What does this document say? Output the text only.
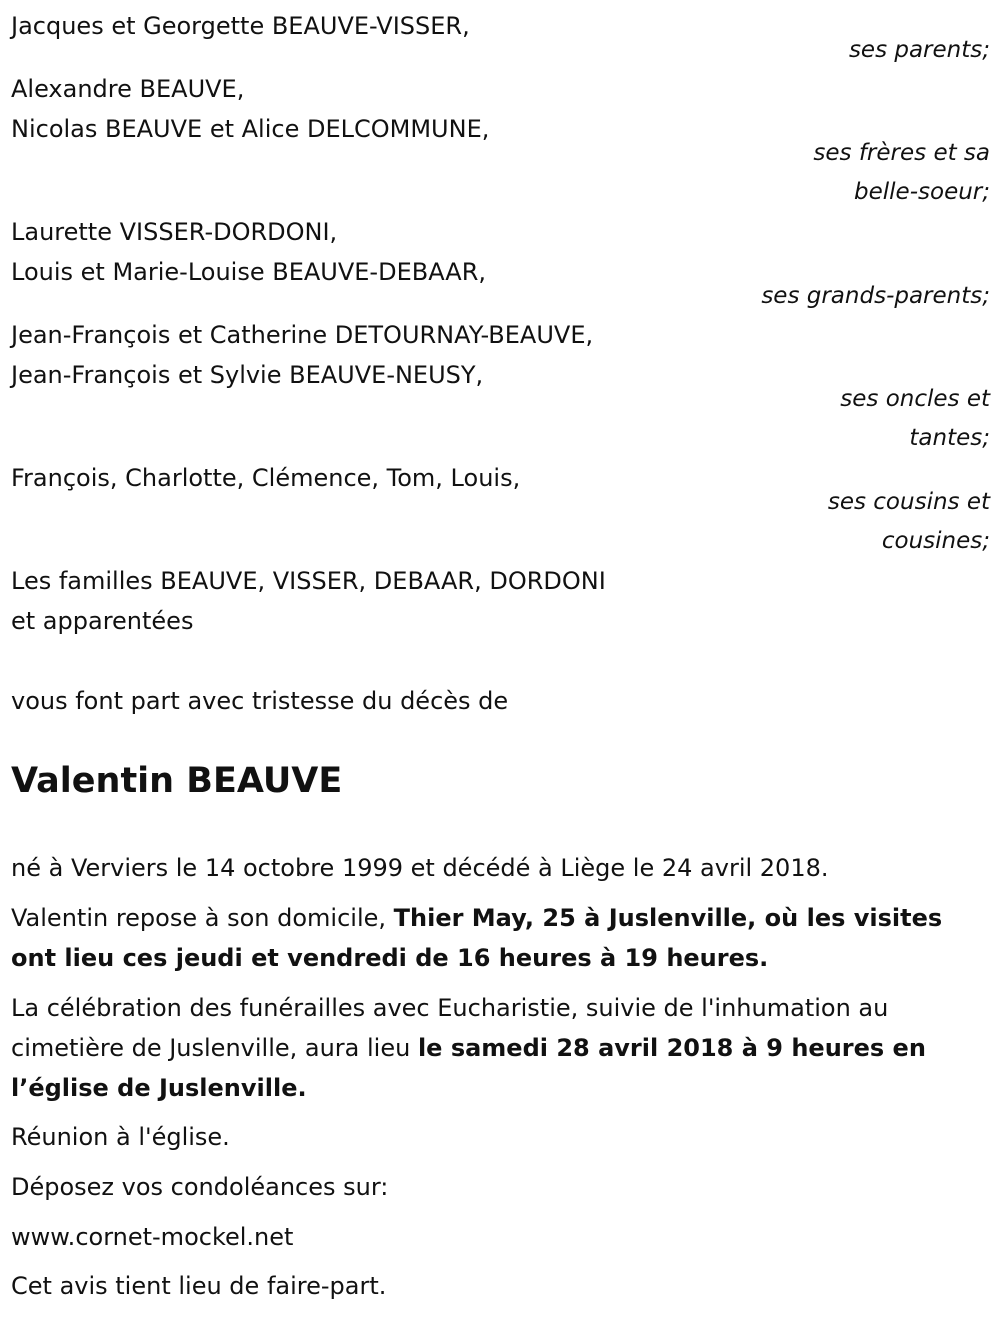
Jacques et Georgette BEAUVE-VISSER,
ses parents;
Alexandre BEAUVE,
Nicolas BEAUVE et Alice DELCOMMUNE,
ses frères et sa
belle-soeur;
Laurette VISSER-DORDONI,
Louis et Marie-Louise BEAUVE-DEBAAR,
ses grands-parents;
Jean-François et Catherine DETOURNAY-BEAUVE,
Jean-François et Sylvie BEAUVE-NEUSY,
ses oncles et
tantes;
François, Charlotte, Clémence, Tom, Louis,
ses cousins et
cousines;
Les familles BEAUVE, VISSER, DEBAAR, DORDONI
et apparentées
vous font part avec tristesse du décès de
Valentin BEAUVE
né à Verviers le 14 octobre 1999 et décédé à Liège le 24 avril 2018.
Valentin repose à son domicile, Thier May, 25 à Juslenville, où les visites ont lieu ces jeudi et vendredi de 16 heures à 19 heures.
La célébration des funérailles avec Eucharistie, suivie de l'inhumation au cimetière de Juslenville, aura lieu le samedi 28 avril 2018 à 9 heures en l’église de Juslenville.
Réunion à l'église.
Déposez vos condoléances sur:
www.cornet-mockel.net
Cet avis tient lieu de faire-part.
